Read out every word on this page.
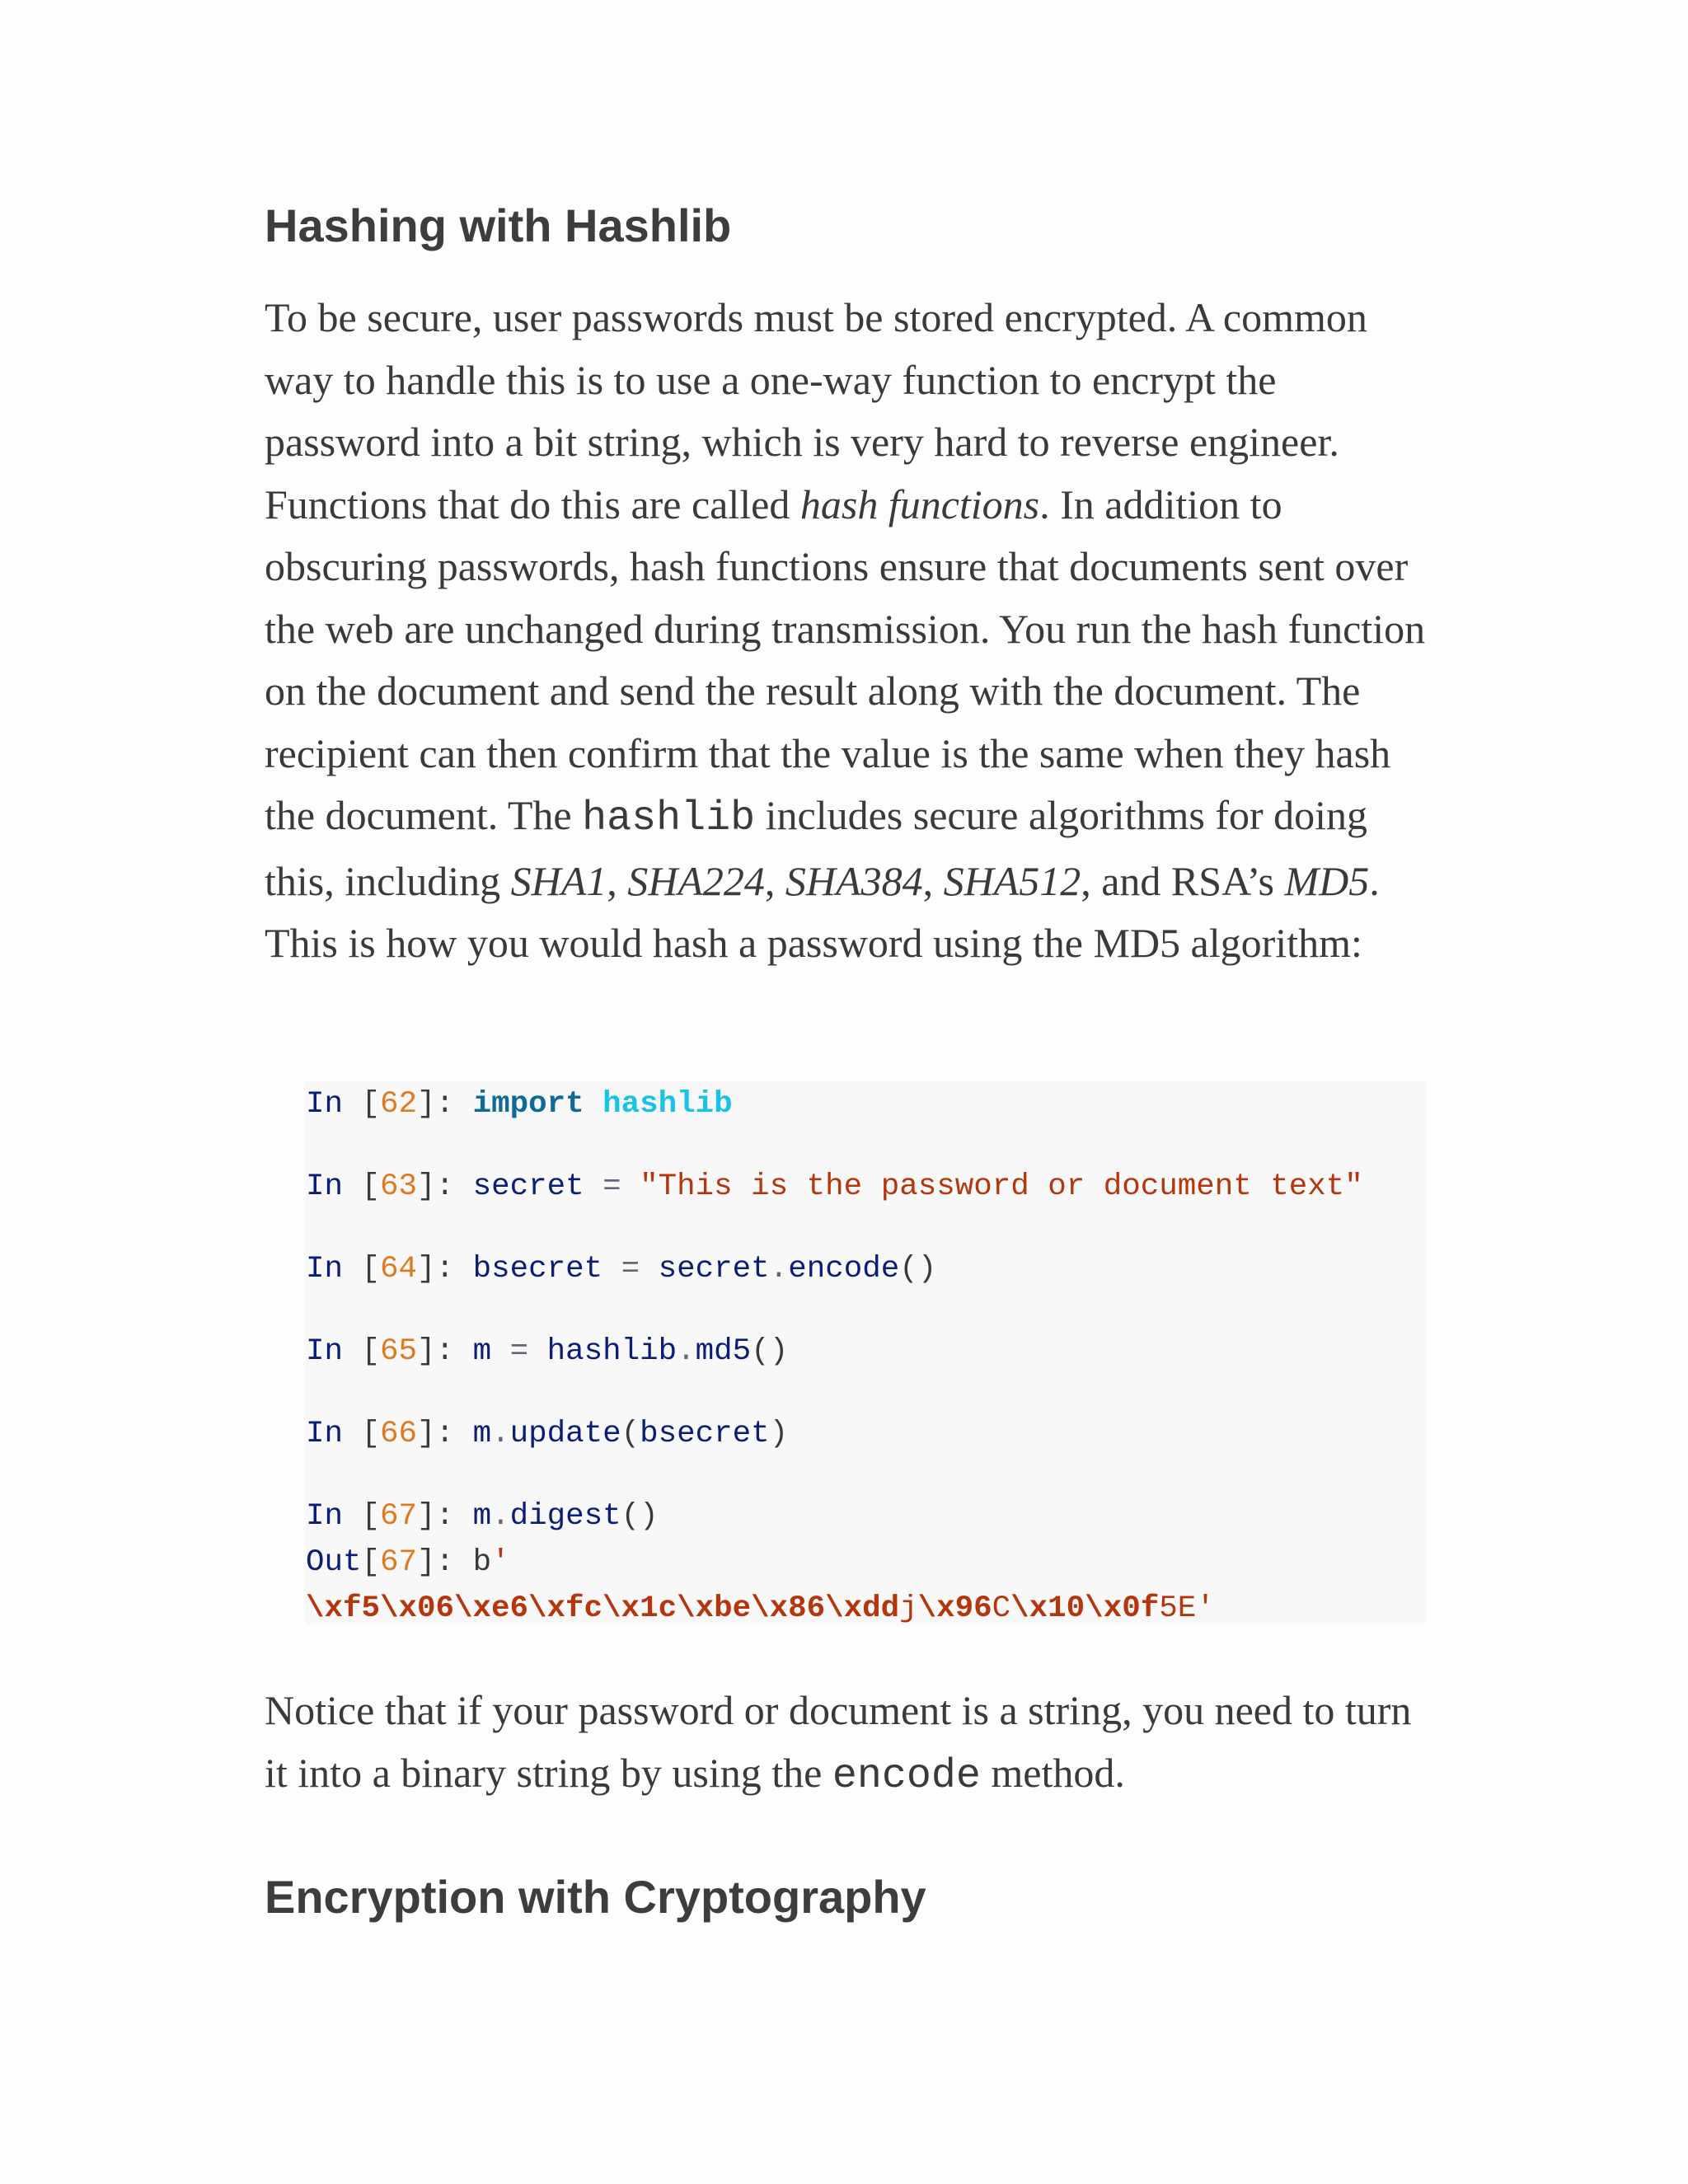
Hashing with Hashlib

To be secure, user passwords must be stored encrypted. A common way to handle this is to use a one-way function to encrypt the password into a bit string, which is very hard to reverse engineer. Functions that do this are called hash functions. In addition to obscuring passwords, hash functions ensure that documents sent over the web are unchanged during transmission. You run the hash function on the document and send the result along with the document. The recipient can then confirm that the value is the same when they hash the document. The hashlib includes secure algorithms for doing this, including SHA1, SHA224, SHA384, SHA512, and RSA’s MD5. This is how you would hash a password using the MD5 algorithm:

In [62]: import hashlib
In [63]: secret = "This is the password or document text"
In [64]: bsecret = secret.encode()
In [65]: m = hashlib.md5()
In [66]: m.update(bsecret)
In [67]: m.digest()
Out[67]: b'
\xf5\x06\xe6\xfc\x1c\xbe\x86\xddj\x96C\x10\x0f5E'

Notice that if your password or document is a string, you need to turn it into a binary string by using the encode method.

Encryption with Cryptography
